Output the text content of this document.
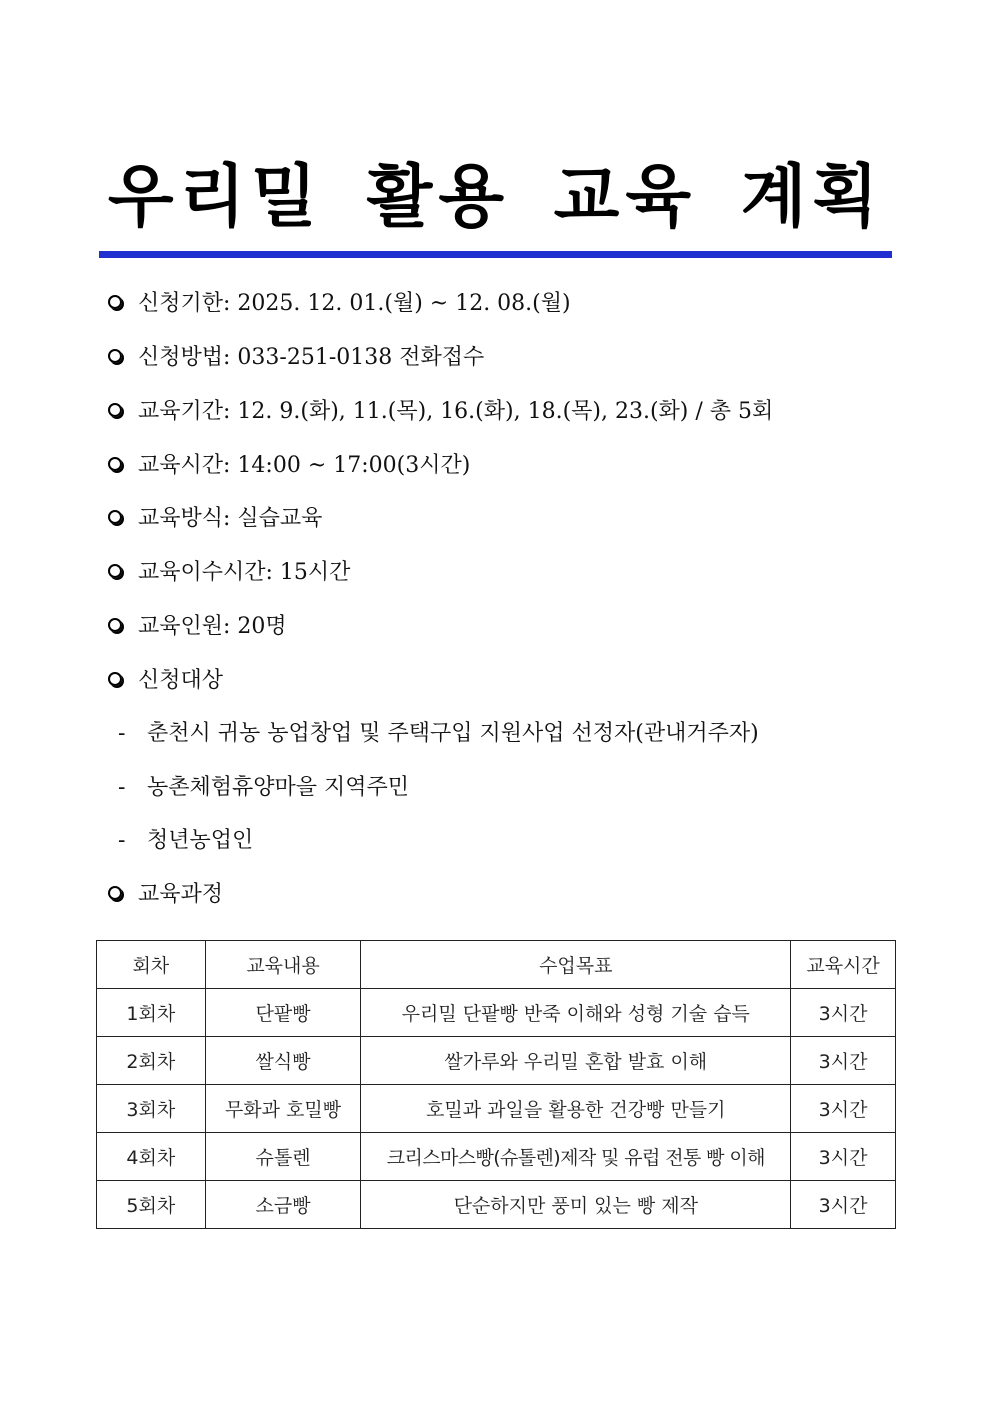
우리밀 활용 교육 계획
신청기한: 2025. 12. 01.(월) ~ 12. 08.(월)
신청방법: 033-251-0138 전화접수
교육기간: 12. 9.(화), 11.(목), 16.(화), 18.(목), 23.(화) / 총 5회
교육시간: 14:00 ~ 17:00(3시간)
교육방식: 실습교육
교육이수시간: 15시간
교육인원: 20명
신청대상
- 춘천시 귀농 농업창업 및 주택구입 지원사업 선정자(관내거주자)
- 농촌체험휴양마을 지역주민
- 청년농업인
교육과정
회차	교육내용	수업목표	교육시간
1회차	단팥빵	우리밀 단팥빵 반죽 이해와 성형 기술 습득	3시간
2회차	쌀식빵	쌀가루와 우리밀 혼합 발효 이해	3시간
3회차	무화과 호밀빵	호밀과 과일을 활용한 건강빵 만들기	3시간
4회차	슈톨렌	크리스마스빵(슈톨렌)제작 및 유럽 전통 빵 이해	3시간
5회차	소금빵	단순하지만 풍미 있는 빵 제작	3시간
